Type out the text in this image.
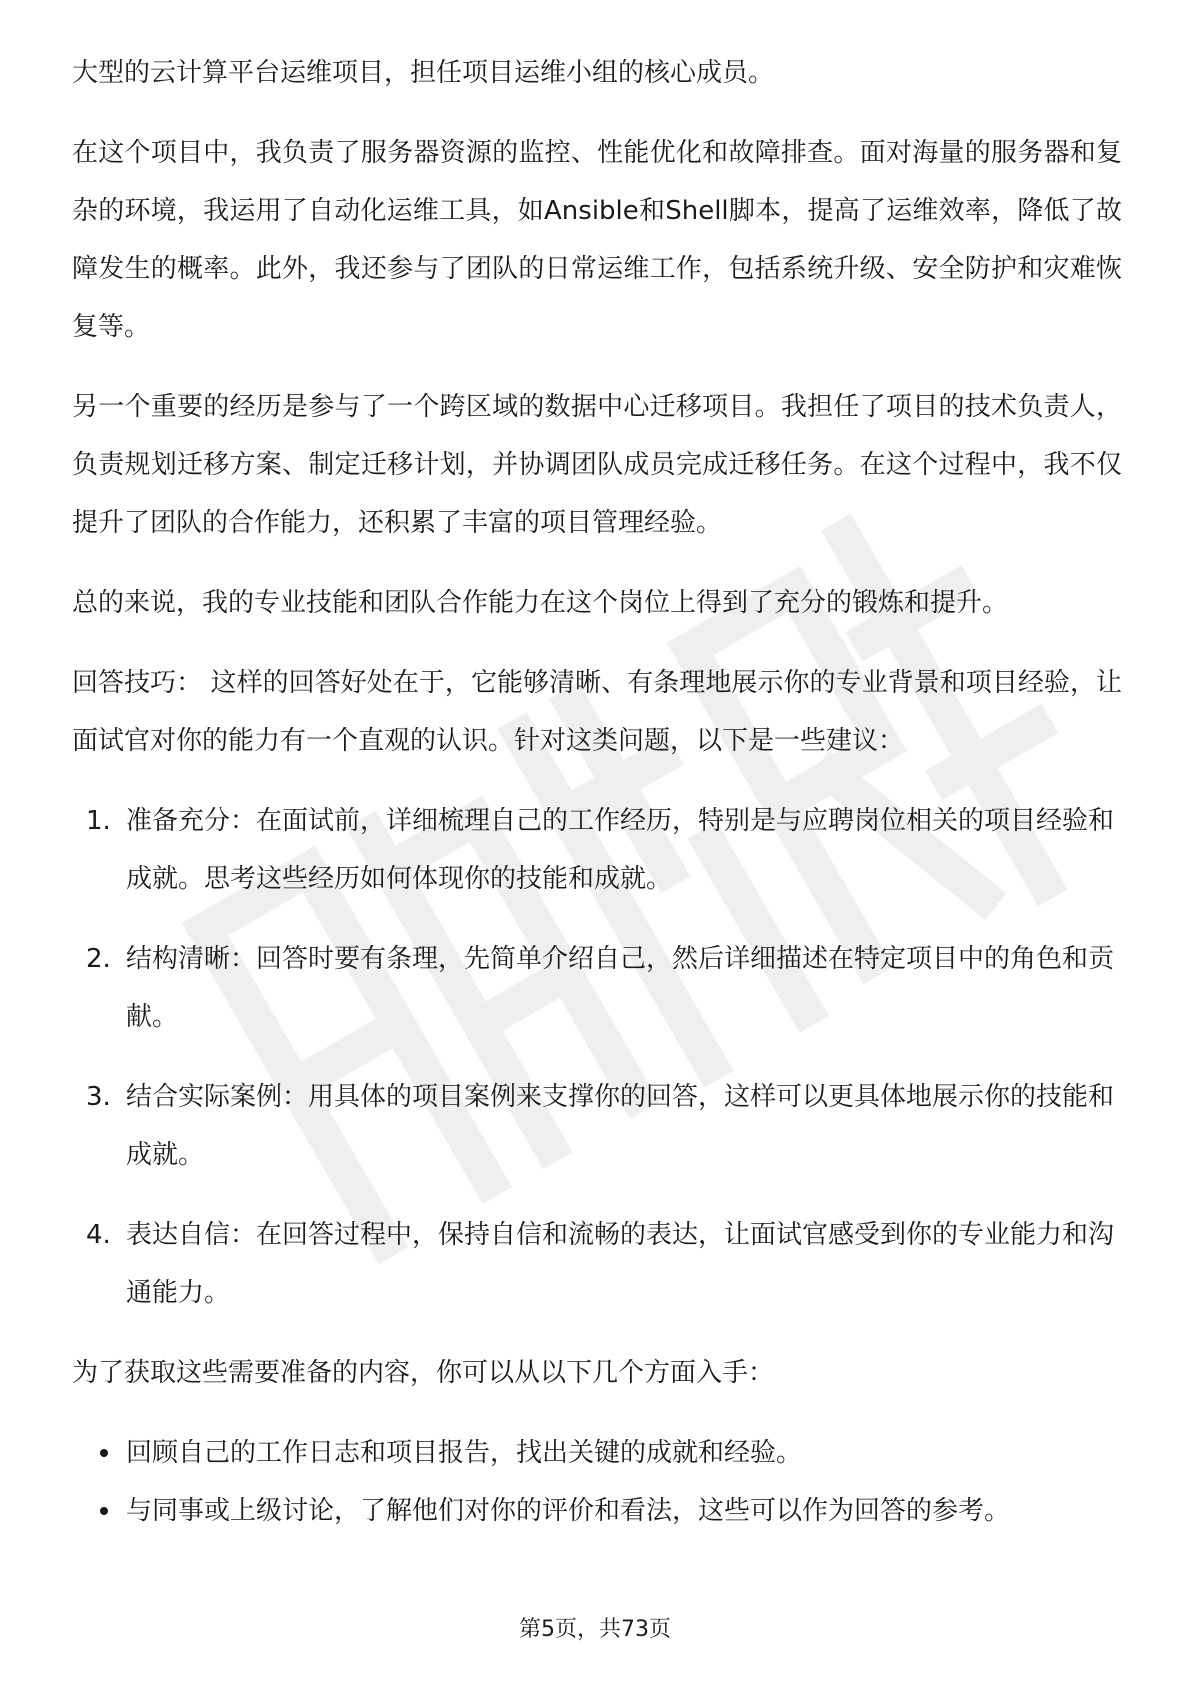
大型的云计算平台运维项目，担任项目运维小组的核心成员。

在这个项目中，我负责了服务器资源的监控、性能优化和故障排查。面对海量的服务器和复杂的环境，我运用了自动化运维工具，如Ansible和Shell脚本，提高了运维效率，降低了故障发生的概率。此外，我还参与了团队的日常运维工作，包括系统升级、安全防护和灾难恢复等。

另一个重要的经历是参与了一个跨区域的数据中心迁移项目。我担任了项目的技术负责人，负责规划迁移方案、制定迁移计划，并协调团队成员完成迁移任务。在这个过程中，我不仅提升了团队的合作能力，还积累了丰富的项目管理经验。

总的来说，我的专业技能和团队合作能力在这个岗位上得到了充分的锻炼和提升。

回答技巧： 这样的回答好处在于，它能够清晰、有条理地展示你的专业背景和项目经验，让面试官对你的能力有一个直观的认识。针对这类问题，以下是一些建议：

1. 准备充分：在面试前，详细梳理自己的工作经历，特别是与应聘岗位相关的项目经验和成就。思考这些经历如何体现你的技能和成就。
2. 结构清晰：回答时要有条理，先简单介绍自己，然后详细描述在特定项目中的角色和贡献。
3. 结合实际案例：用具体的项目案例来支撑你的回答，这样可以更具体地展示你的技能和成就。
4. 表达自信：在回答过程中，保持自信和流畅的表达，让面试官感受到你的专业能力和沟通能力。

为了获取这些需要准备的内容，你可以从以下几个方面入手：

回顾自己的工作日志和项目报告，找出关键的成就和经验。
与同事或上级讨论，了解他们对你的评价和看法，这些可以作为回答的参考。
第5页，共73页
